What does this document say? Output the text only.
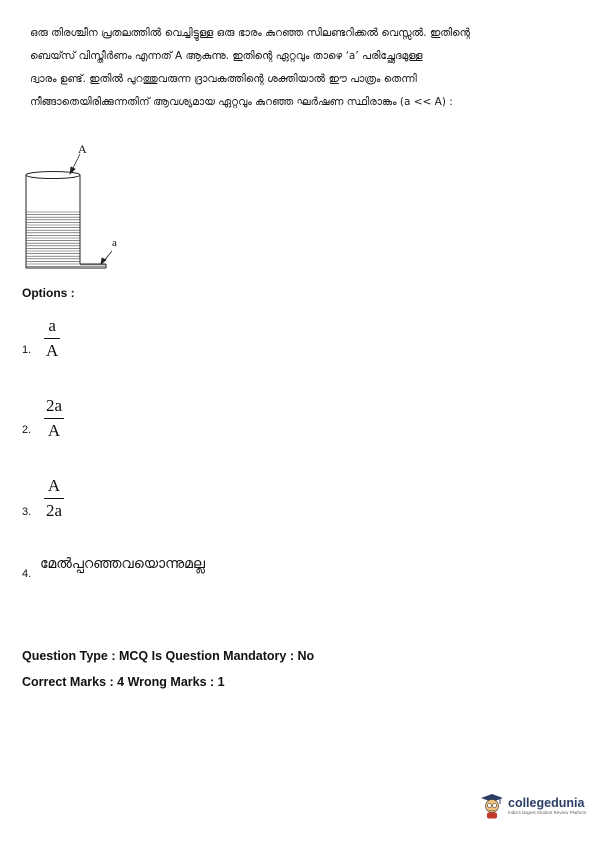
ഒരു തിരശ്ചീന പ്രതലത്തിൽ വെച്ചിട്ടുള്ള ഒരു ഭാരം കുറഞ്ഞ സിലണ്ടറിക്കൽ വെസ്സൽ. ഇതിന്റെ

ബെയ്സ് വിസ്തീർണം എന്നത് A ആകുന്നു. ഇതിന്റെ ഏറ്റവും താഴെ ‘a’ പരിച്ഛേദമുള്ള

ദ്വാരം ഉണ്ട്. ഇതിൽ പുറത്തുവരുന്ന ദ്രാവകത്തിന്റെ ശക്തിയാൽ ഈ പാത്രം തെന്നി

നീങ്ങാതെയിരിക്കുന്നതിന് ആവശ്യമായ ഏറ്റവും കുറഞ്ഞ ഘർഷണ സ്ഥിരാങ്കം (a << A) :

A
a
Options :
1.
a
A
2.
2a
A
3.
A
2a
4.
മേൽപ്പറഞ്ഞവയൊന്നുമല്ല
Question Type : MCQ Is Question Mandatory : No
Correct Marks : 4 Wrong Marks : 1
collegedunia
India's largest Student Review Platform
